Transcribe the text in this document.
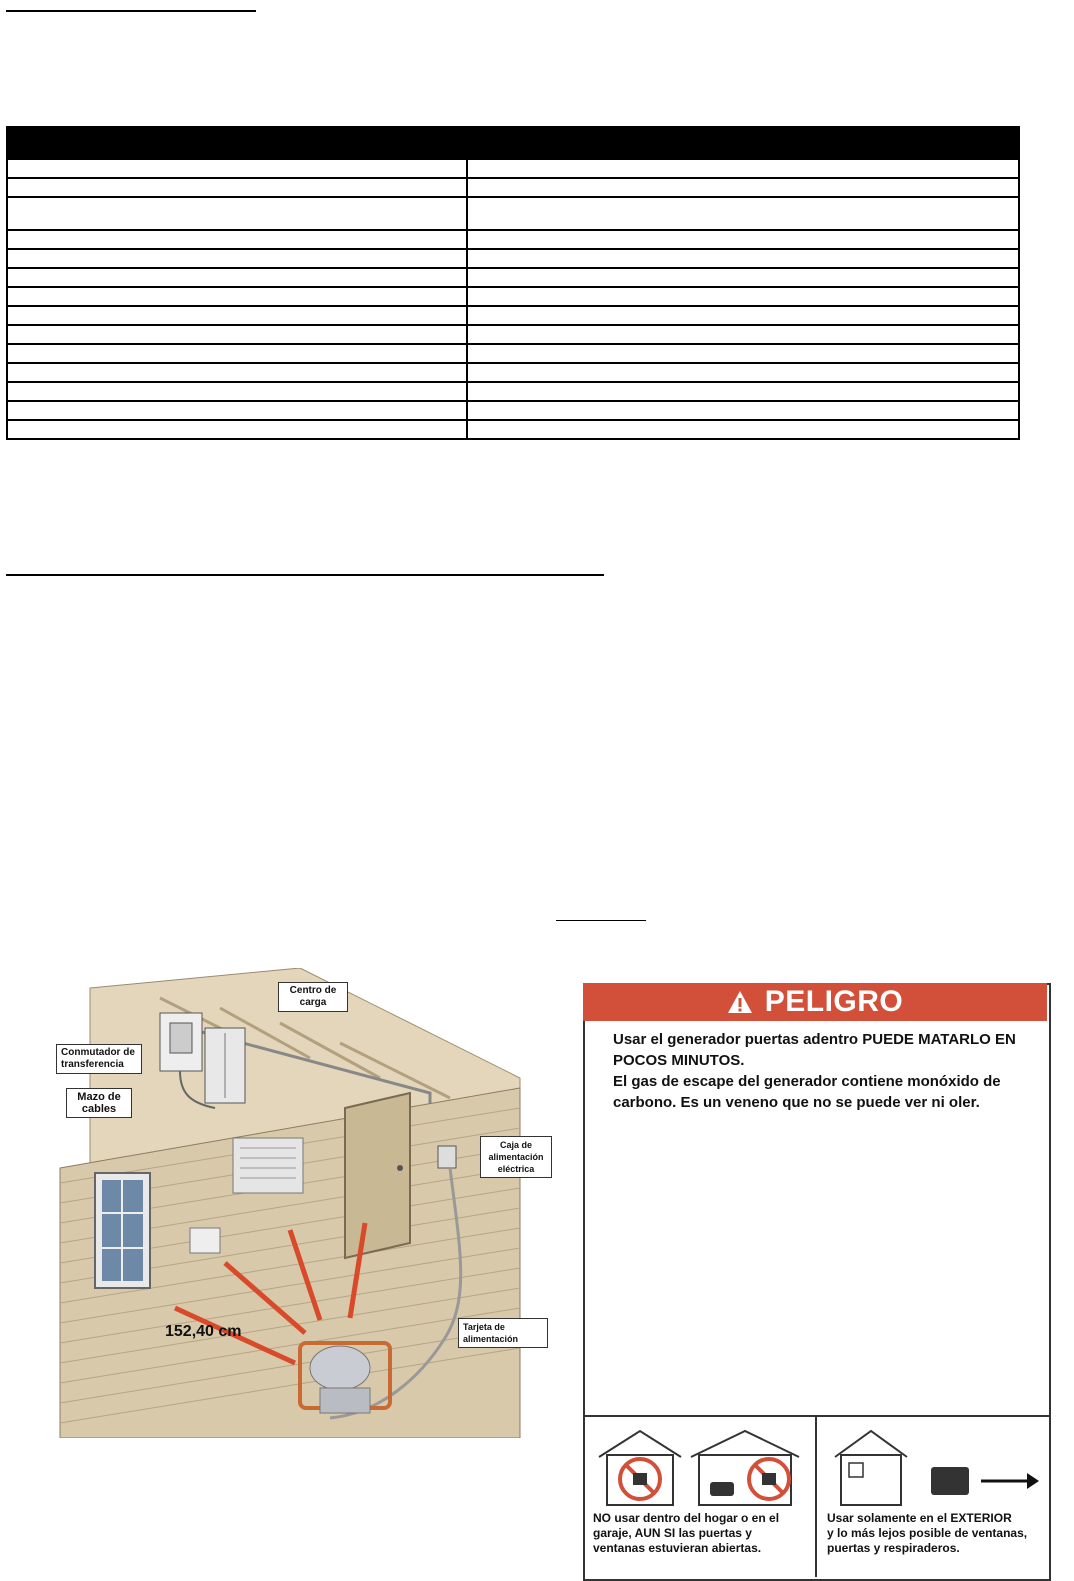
Centro de carga
Conmutador de transferencia
Mazo de cables
Caja de alimentación eléctrica
Tarjeta de alimentación
152,40 cm
PELIGRO
Usar el generador puertas adentro PUEDE MATARLO EN
POCOS MINUTOS.
El gas de escape del generador contiene monóxido de
carbono. Es un veneno que no se puede ver ni oler.
NO usar dentro del hogar o en el
garaje, AUN SI las puertas y
ventanas estuvieran abiertas.
Usar solamente en el EXTERIOR
y lo más lejos posible de ventanas,
puertas y respiraderos.
